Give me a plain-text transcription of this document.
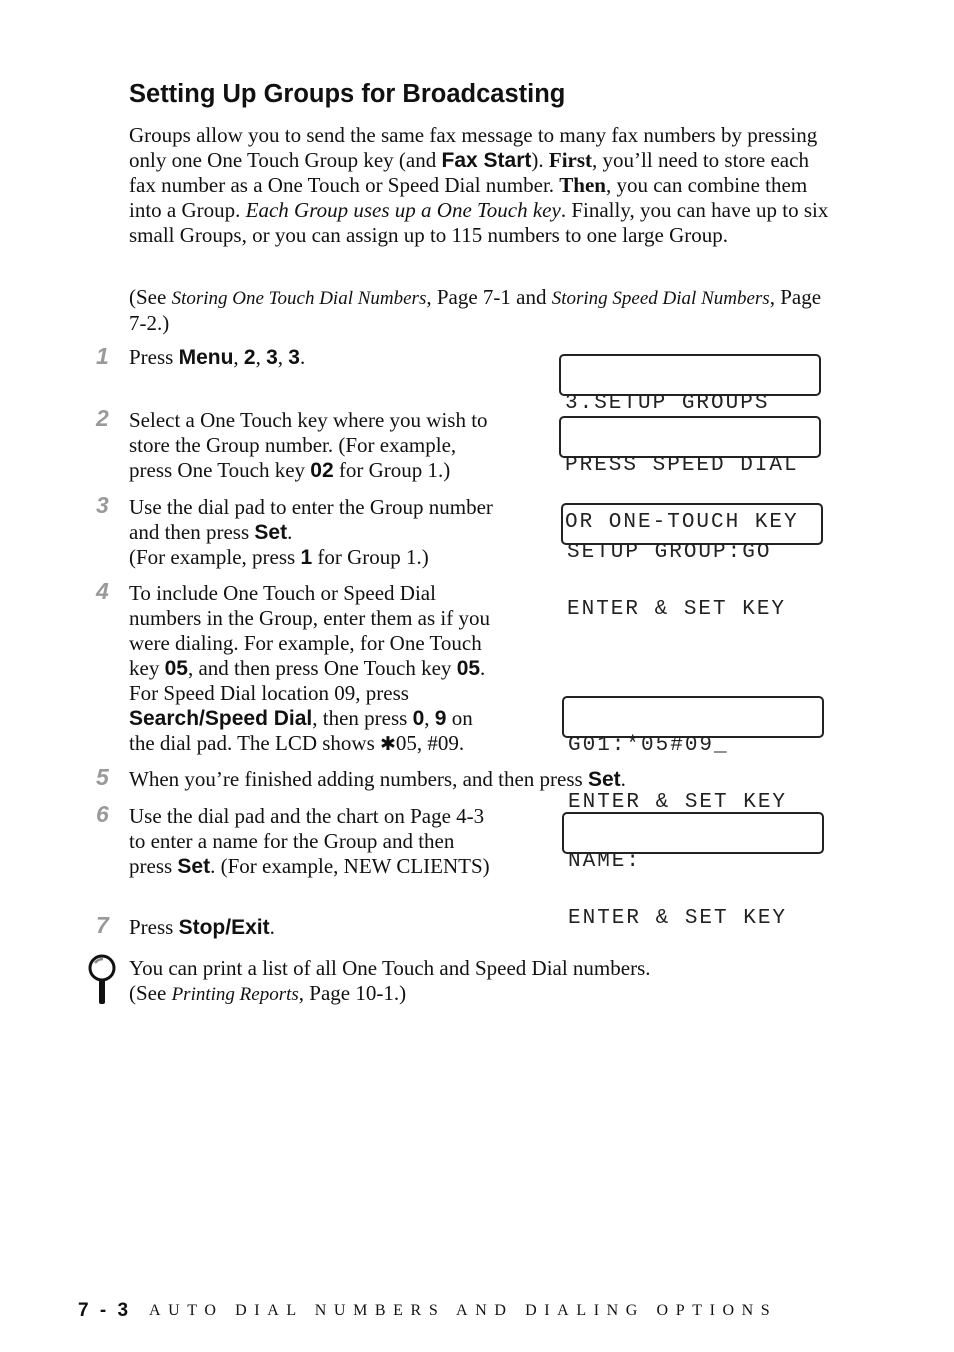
Setting Up Groups for Broadcasting

Groups allow you to send the same fax message to many fax numbers by pressing only one One Touch Group key (and Fax Start). First, you’ll need to store each fax number as a One Touch or Speed Dial number. Then, you can combine them into a Group. Each Group uses up a One Touch key. Finally, you can have up to six small Groups, or you can assign up to 115 numbers to one large Group.

(See Storing One Touch Dial Numbers, Page 7-1 and Storing Speed Dial Numbers, Page 7-2.)

1 Press Menu, 2, 3, 3.

2 Select a One Touch key where you wish to store the Group number. (For example, press One Touch key 02 for Group 1.)

3 Use the dial pad to enter the Group number and then press Set.
(For example, press 1 for Group 1.)

4 To include One Touch or Speed Dial numbers in the Group, enter them as if you were dialing. For example, for One Touch key 05, and then press One Touch key 05. For Speed Dial location 09, press Search/Speed Dial, then press 0, 9 on the dial pad. The LCD shows ✱05, #09.

5 When you’re finished adding numbers, and then press Set.

6 Use the dial pad and the chart on Page 4-3 to enter a name for the Group and then press Set. (For example, NEW CLIENTS)

7 Press Stop/Exit.

3.SETUP GROUPS

PRESS SPEED DIAL

OR ONE-TOUCH KEY

SETUP GROUP:GO

ENTER & SET KEY

G01:*05#09_

ENTER & SET KEY

NAME:

ENTER & SET KEY

You can print a list of all One Touch and Speed Dial numbers.
(See Printing Reports, Page 10-1.)

7 - 3 AUTO DIAL NUMBERS AND DIALING OPTIONS
